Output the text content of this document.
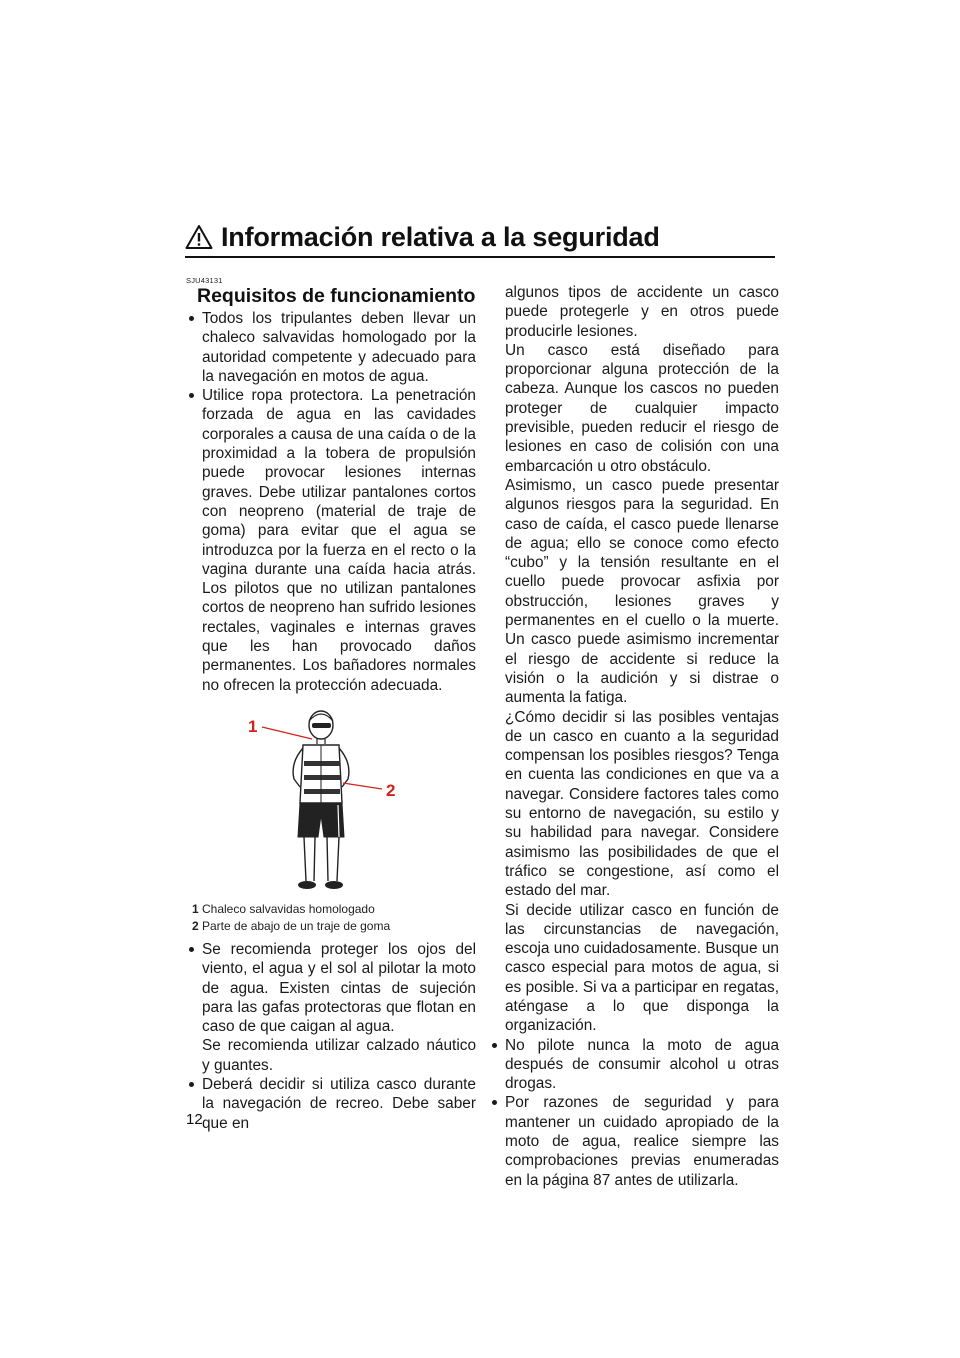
Información relativa a la seguridad
SJU43131
Requisitos de funcionamiento

Todos los tripulantes deben llevar un chaleco salvavidas homologado por la autoridad competente y adecuado para la navegación en motos de agua.

Utilice ropa protectora. La penetración forzada de agua en las cavidades corporales a causa de una caída o de la proximidad a la tobera de propulsión puede provocar lesiones internas graves. Debe utilizar pantalones cortos con neopreno (material de traje de goma) para evitar que el agua se introduzca por la fuerza en el recto o la vagina durante una caída hacia atrás. Los pilotos que no utilizan pantalones cortos de neopreno han sufrido lesiones rectales, vaginales e internas graves que les han provocado daños permanentes. Los bañadores normales no ofrecen la protección adecuada.

1
2
1 Chaleco salvavidas homologado
2 Parte de abajo de un traje de goma

Se recomienda proteger los ojos del viento, el agua y el sol al pilotar la moto de agua. Existen cintas de sujeción para las gafas protectoras que flotan en caso de que caigan al agua.

Se recomienda utilizar calzado náutico y guantes.

Deberá decidir si utiliza casco durante la navegación de recreo. Debe saber que en

algunos tipos de accidente un casco puede protegerle y en otros puede producirle lesiones.

Un casco está diseñado para proporcionar alguna protección de la cabeza. Aunque los cascos no pueden proteger de cualquier impacto previsible, pueden reducir el riesgo de lesiones en caso de colisión con una embarcación u otro obstáculo.

Asimismo, un casco puede presentar algunos riesgos para la seguridad. En caso de caída, el casco puede llenarse de agua; ello se conoce como efecto “cubo” y la tensión resultante en el cuello puede provocar asfixia por obstrucción, lesiones graves y permanentes en el cuello o la muerte. Un casco puede asimismo incrementar el riesgo de accidente si reduce la visión o la audición y si distrae o aumenta la fatiga.

¿Cómo decidir si las posibles ventajas de un casco en cuanto a la seguridad compensan los posibles riesgos? Tenga en cuenta las condiciones en que va a navegar. Considere factores tales como su entorno de navegación, su estilo y su habilidad para navegar. Considere asimismo las posibilidades de que el tráfico se congestione, así como el estado del mar.

Si decide utilizar casco en función de las circunstancias de navegación, escoja uno cuidadosamente. Busque un casco especial para motos de agua, si es posible. Si va a participar en regatas, aténgase a lo que disponga la organización.

No pilote nunca la moto de agua después de consumir alcohol u otras drogas.

Por razones de seguridad y para mantener un cuidado apropiado de la moto de agua, realice siempre las comprobaciones previas enumeradas en la página 87 antes de utilizarla.

12
